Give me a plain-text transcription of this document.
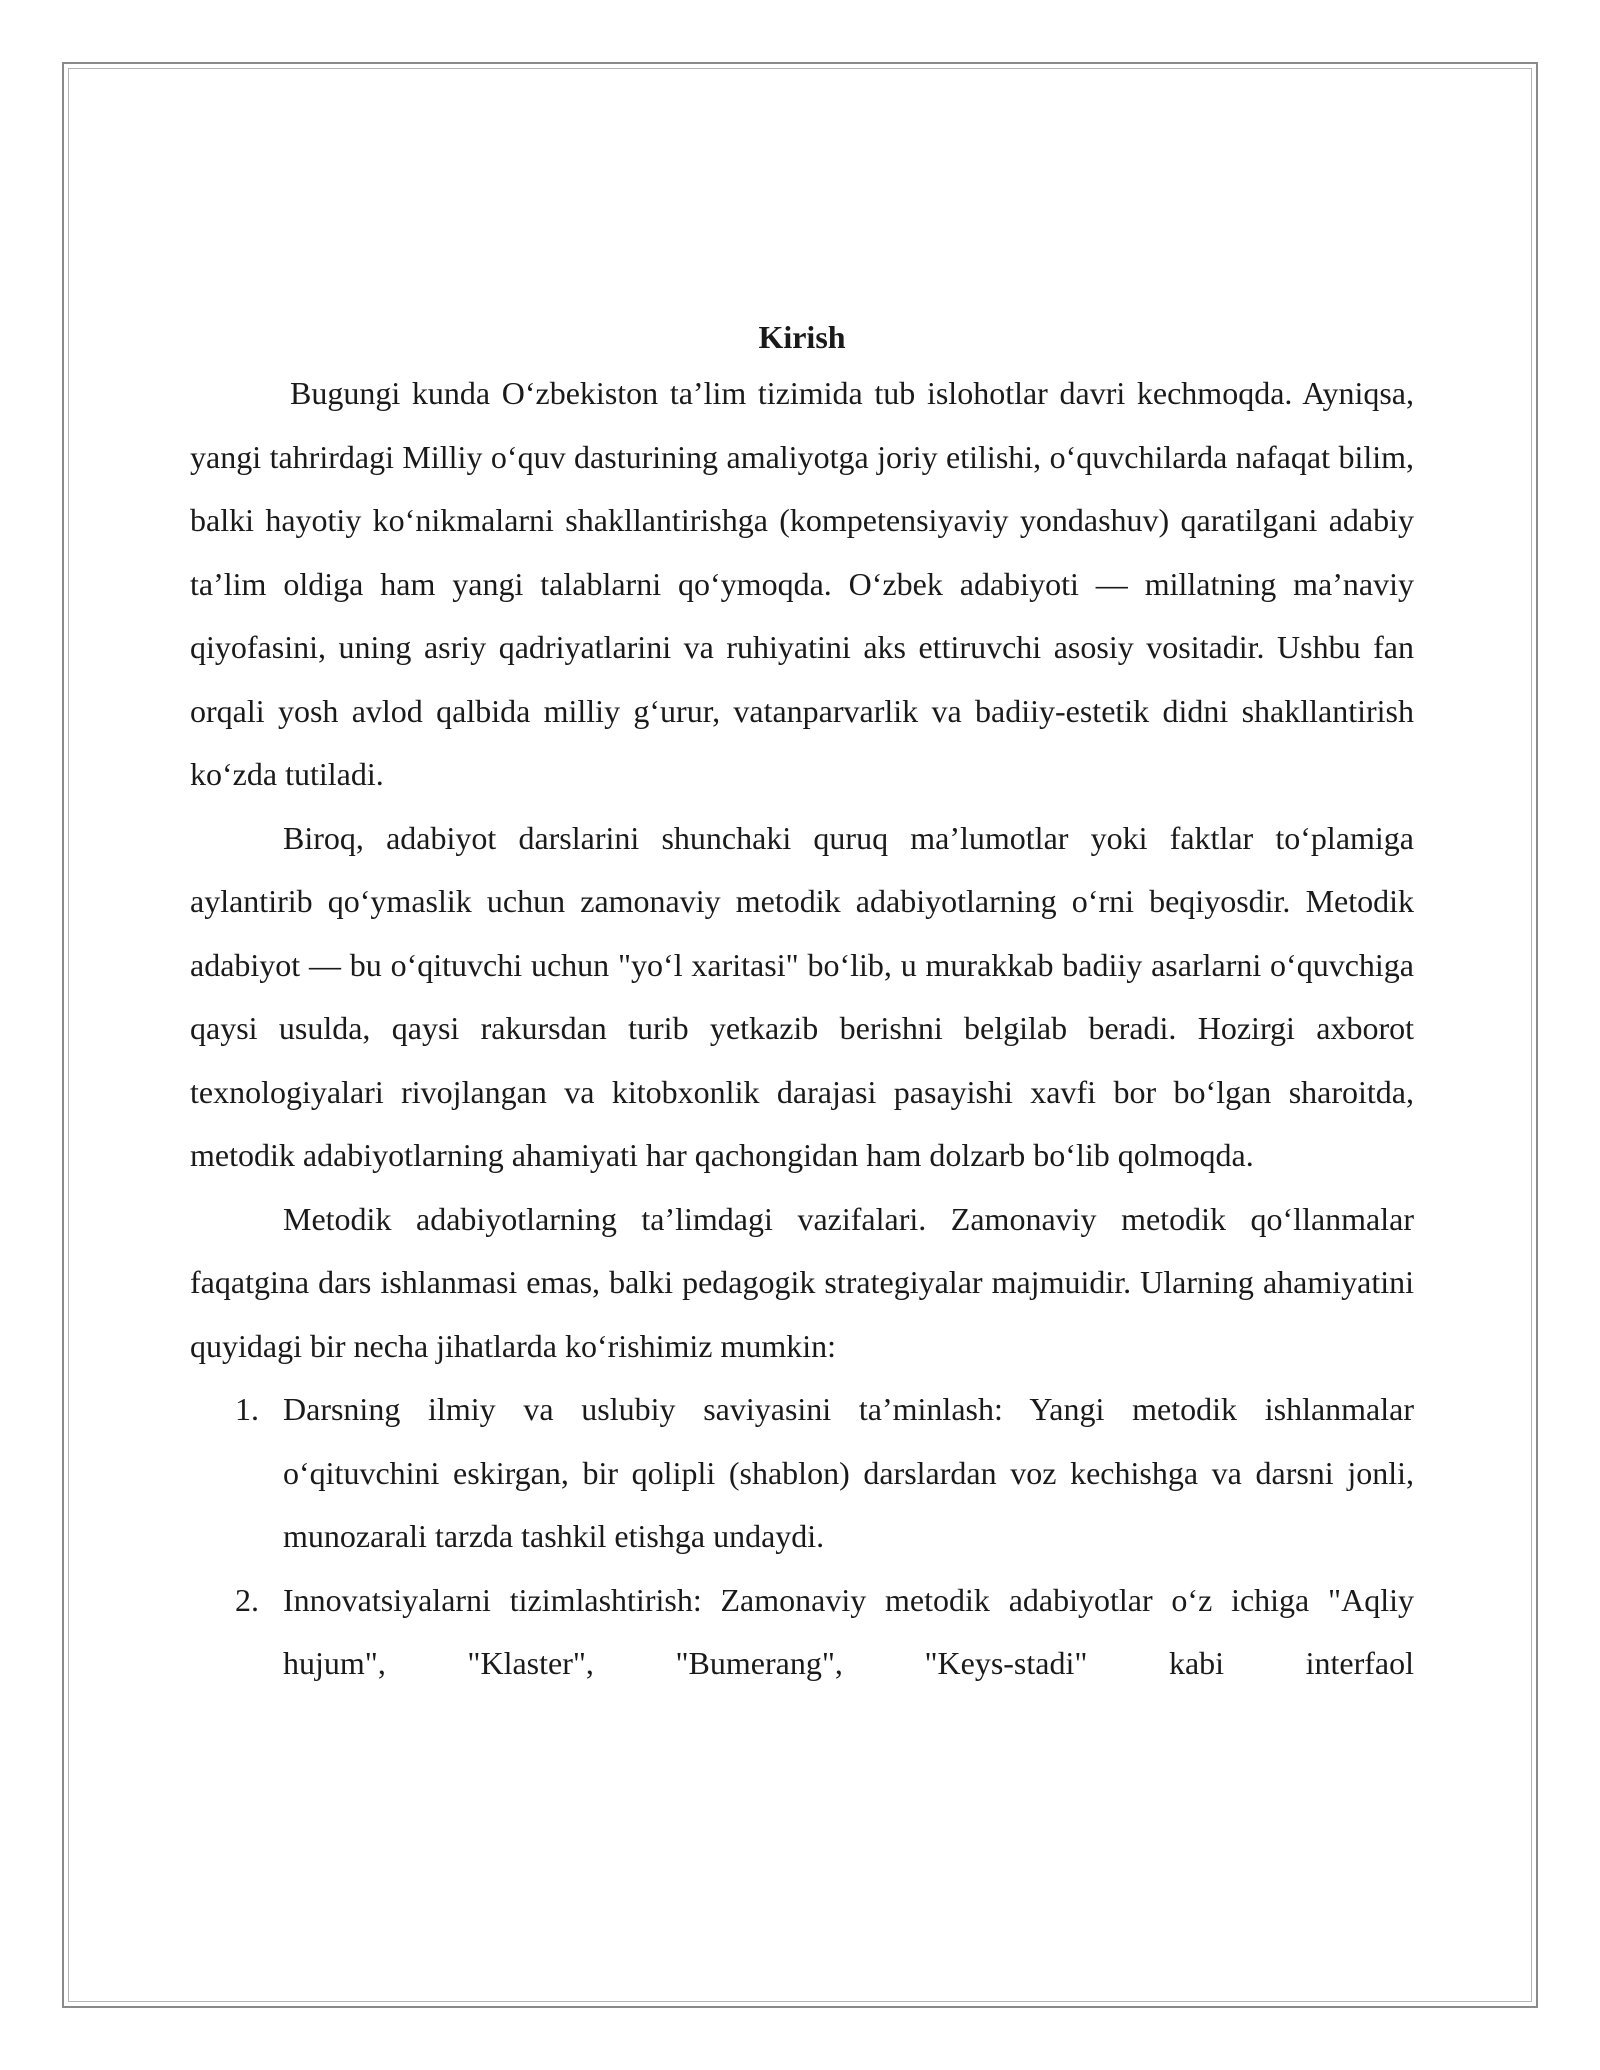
Kirish

Bugungi kunda O‘zbekiston ta’lim tizimida tub islohotlar davri kechmoqda. Ayniqsa, yangi tahrirdagi Milliy o‘quv dasturining amaliyotga joriy etilishi, o‘quvchilarda nafaqat bilim, balki hayotiy ko‘nikmalarni shakllantirishga (kompetensiyaviy yondashuv) qaratilgani adabiy ta’lim oldiga ham yangi talablarni qo‘ymoqda. O‘zbek adabiyoti — millatning ma’naviy qiyofasini, uning asriy qadriyatlarini va ruhiyatini aks ettiruvchi asosiy vositadir. Ushbu fan orqali yosh avlod qalbida milliy g‘urur, vatanparvarlik va badiiy-estetik didni shakllantirish ko‘zda tutiladi.

Biroq, adabiyot darslarini shunchaki quruq ma’lumotlar yoki faktlar to‘plamiga aylantirib qo‘ymaslik uchun zamonaviy metodik adabiyotlarning o‘rni beqiyosdir. Metodik adabiyot — bu o‘qituvchi uchun "yo‘l xaritasi" bo‘lib, u murakkab badiiy asarlarni o‘quvchiga qaysi usulda, qaysi rakursdan turib yetkazib berishni belgilab beradi. Hozirgi axborot texnologiyalari rivojlangan va kitobxonlik darajasi pasayishi xavfi bor bo‘lgan sharoitda, metodik adabiyotlarning ahamiyati har qachongidan ham dolzarb bo‘lib qolmoqda.

Metodik adabiyotlarning ta’limdagi vazifalari. Zamonaviy metodik qo‘llanmalar faqatgina dars ishlanmasi emas, balki pedagogik strategiyalar majmuidir. Ularning ahamiyatini quyidagi bir necha jihatlarda ko‘rishimiz mumkin:

1. Darsning ilmiy va uslubiy saviyasini ta’minlash: Yangi metodik ishlanmalar o‘qituvchini eskirgan, bir qolipli (shablon) darslardan voz kechishga va darsni jonli, munozarali tarzda tashkil etishga undaydi.
2. Innovatsiyalarni tizimlashtirish: Zamonaviy metodik adabiyotlar o‘z ichiga "Aqliy hujum", "Klaster", "Bumerang", "Keys-stadi" kabi interfaol
